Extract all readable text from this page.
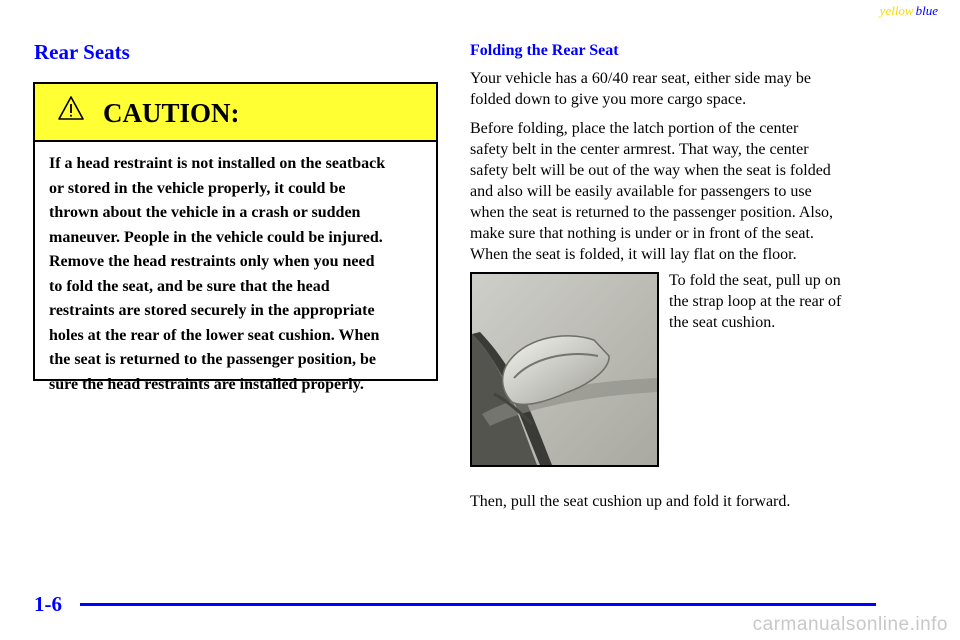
yellow blue
Rear Seats
CAUTION:
If a head restraint is not installed on the seatback
or stored in the vehicle properly, it could be
thrown about the vehicle in a crash or sudden
maneuver. People in the vehicle could be injured.
Remove the head restraints only when you need
to fold the seat, and be sure that the head
restraints are stored securely in the appropriate
holes at the rear of the lower seat cushion. When
the seat is returned to the passenger position, be
sure the head restraints are installed properly.

Folding the Rear Seat

Your vehicle has a 60/40 rear seat, either side may be
folded down to give you more cargo space.

Before folding, place the latch portion of the center
safety belt in the center armrest. That way, the center
safety belt will be out of the way when the seat is folded
and also will be easily available for passengers to use
when the seat is returned to the passenger position. Also,
make sure that nothing is under or in front of the seat.
When the seat is folded, it will lay flat on the floor.

To fold the seat, pull up on
the strap loop at the rear of
the seat cushion.

Then, pull the seat cushion up and fold it forward.

1-6
carmanualsonline.info
